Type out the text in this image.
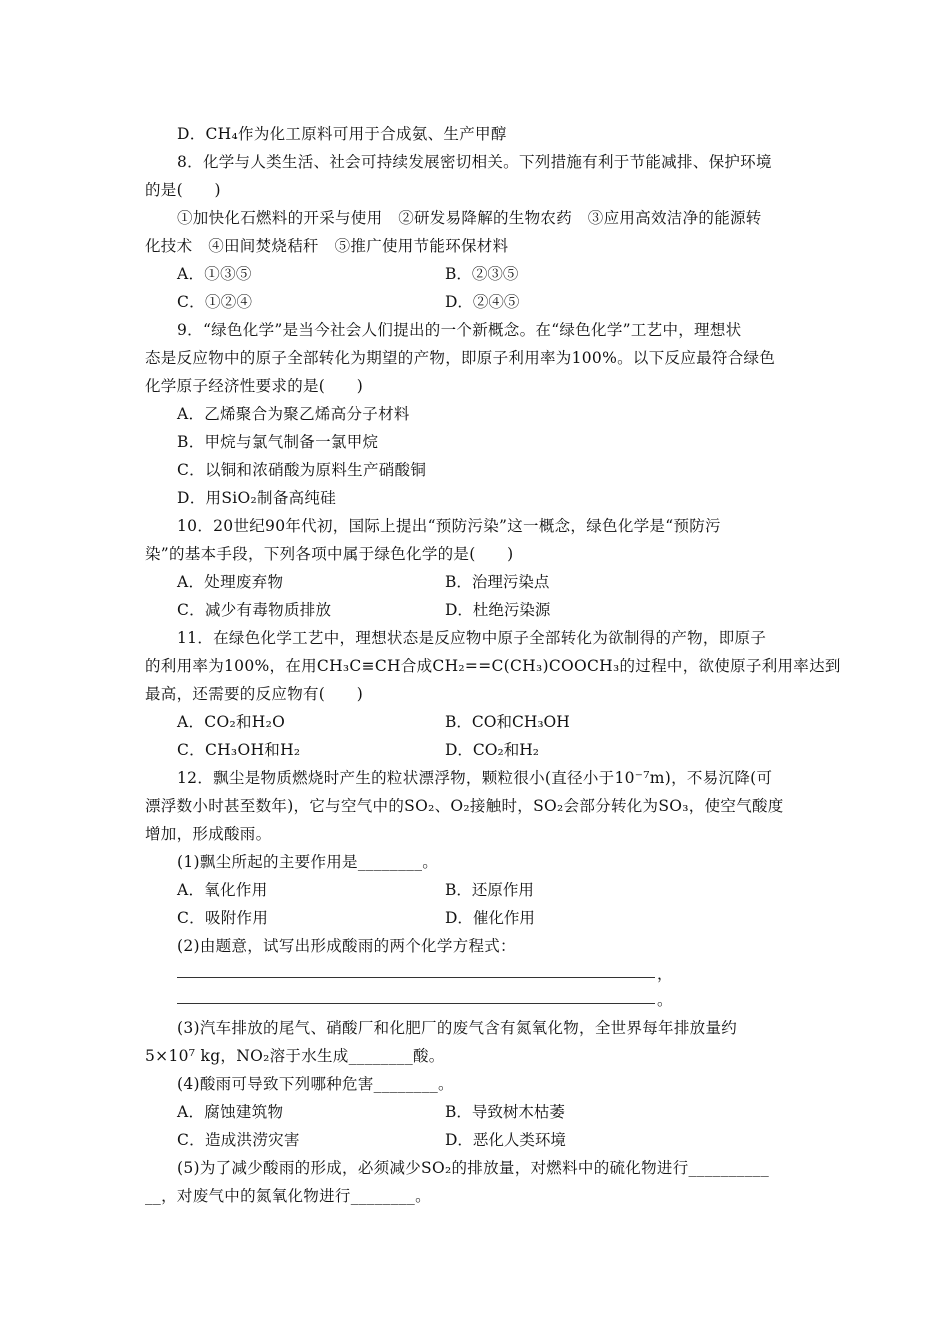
D．CH₄作为化工原料可用于合成氨、生产甲醇
8．化学与人类生活、社会可持续发展密切相关。下列措施有利于节能减排、保护环境
的是(　　)
①加快化石燃料的开采与使用　②研发易降解的生物农药　③应用高效洁净的能源转
化技术　④田间焚烧秸秆　⑤推广使用节能环保材料
A．①③⑤	B．②③⑤
C．①②④	D．②④⑤
9．“绿色化学”是当今社会人们提出的一个新概念。在“绿色化学”工艺中，理想状
态是反应物中的原子全部转化为期望的产物，即原子利用率为100%。以下反应最符合绿色
化学原子经济性要求的是(　　)
A．乙烯聚合为聚乙烯高分子材料
B．甲烷与氯气制备一氯甲烷
C．以铜和浓硝酸为原料生产硝酸铜
D．用SiO₂制备高纯硅
10．20世纪90年代初，国际上提出“预防污染”这一概念，绿色化学是“预防污
染”的基本手段，下列各项中属于绿色化学的是(　　)
A．处理废弃物	B．治理污染点
C．减少有毒物质排放	D．杜绝污染源
11．在绿色化学工艺中，理想状态是反应物中原子全部转化为欲制得的产物，即原子
的利用率为100%，在用CH₃C≡CH合成CH₂==C(CH₃)COOCH₃的过程中，欲使原子利用率达到
最高，还需要的反应物有(　　)
A．CO₂和H₂O	B．CO和CH₃OH
C．CH₃OH和H₂	D．CO₂和H₂
12．飘尘是物质燃烧时产生的粒状漂浮物，颗粒很小(直径小于10⁻⁷m)，不易沉降(可
漂浮数小时甚至数年)，它与空气中的SO₂、O₂接触时，SO₂会部分转化为SO₃，使空气酸度
增加，形成酸雨。
(1)飘尘所起的主要作用是________。
A．氧化作用	B．还原作用
C．吸附作用	D．催化作用
(2)由题意，试写出形成酸雨的两个化学方程式：
，
。
(3)汽车排放的尾气、硝酸厂和化肥厂的废气含有氮氧化物，全世界每年排放量约
5×10⁷ kg，NO₂溶于水生成________酸。
(4)酸雨可导致下列哪种危害________。
A．腐蚀建筑物	B．导致树木枯萎
C．造成洪涝灾害	D．恶化人类环境
(5)为了减少酸雨的形成，必须减少SO₂的排放量，对燃料中的硫化物进行__________
__，对废气中的氮氧化物进行________。
